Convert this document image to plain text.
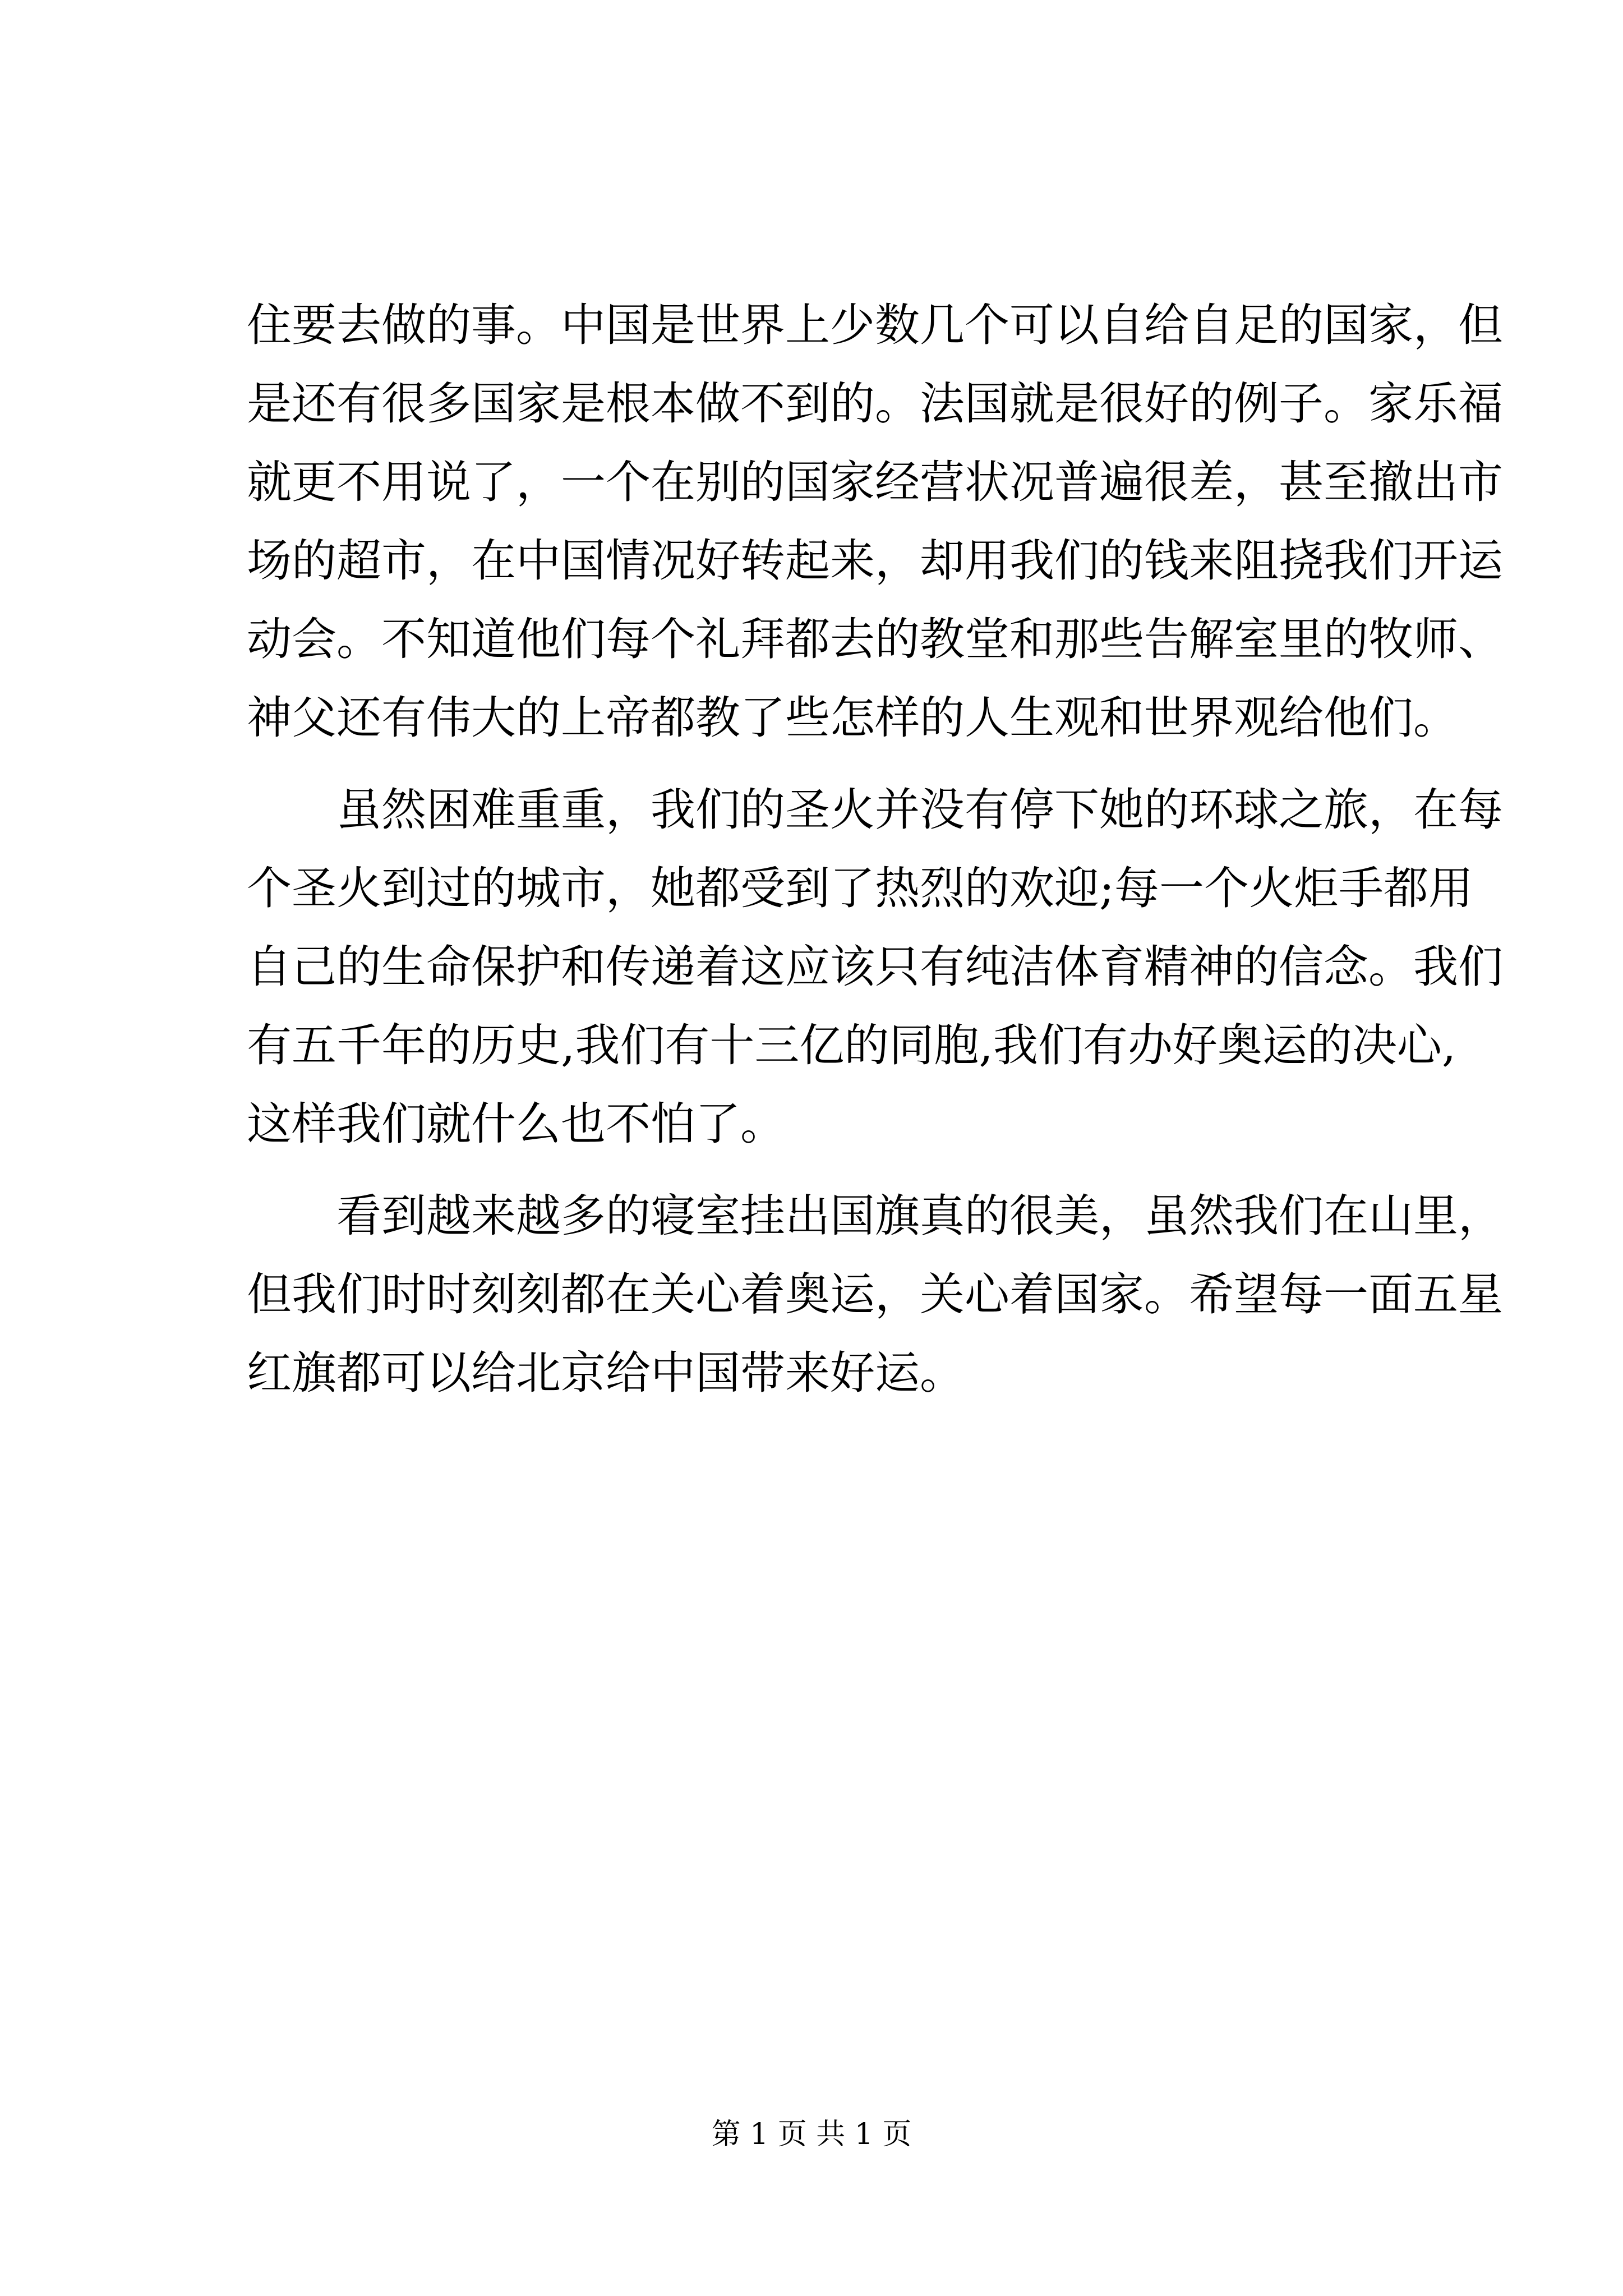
住要去做的事。中国是世界上少数几个可以自给自足的国家，但
是还有很多国家是根本做不到的。法国就是很好的例子。家乐福
就更不用说了，一个在别的国家经营状况普遍很差，甚至撤出市
场的超市，在中国情况好转起来，却用我们的钱来阻挠我们开运
动会。不知道他们每个礼拜都去的教堂和那些告解室里的牧师、
神父还有伟大的上帝都教了些怎样的人生观和世界观给他们。
　　虽然困难重重，我们的圣火并没有停下她的环球之旅，在每
个圣火到过的城市，她都受到了热烈的欢迎;每一个火炬手都用
自己的生命保护和传递着这应该只有纯洁体育精神的信念。我们
有五千年的历史,我们有十三亿的同胞,我们有办好奥运的决心,
这样我们就什么也不怕了。
　　看到越来越多的寝室挂出国旗真的很美，虽然我们在山里，
但我们时时刻刻都在关心着奥运，关心着国家。希望每一面五星
红旗都可以给北京给中国带来好运。
第 1 页 共 1 页
